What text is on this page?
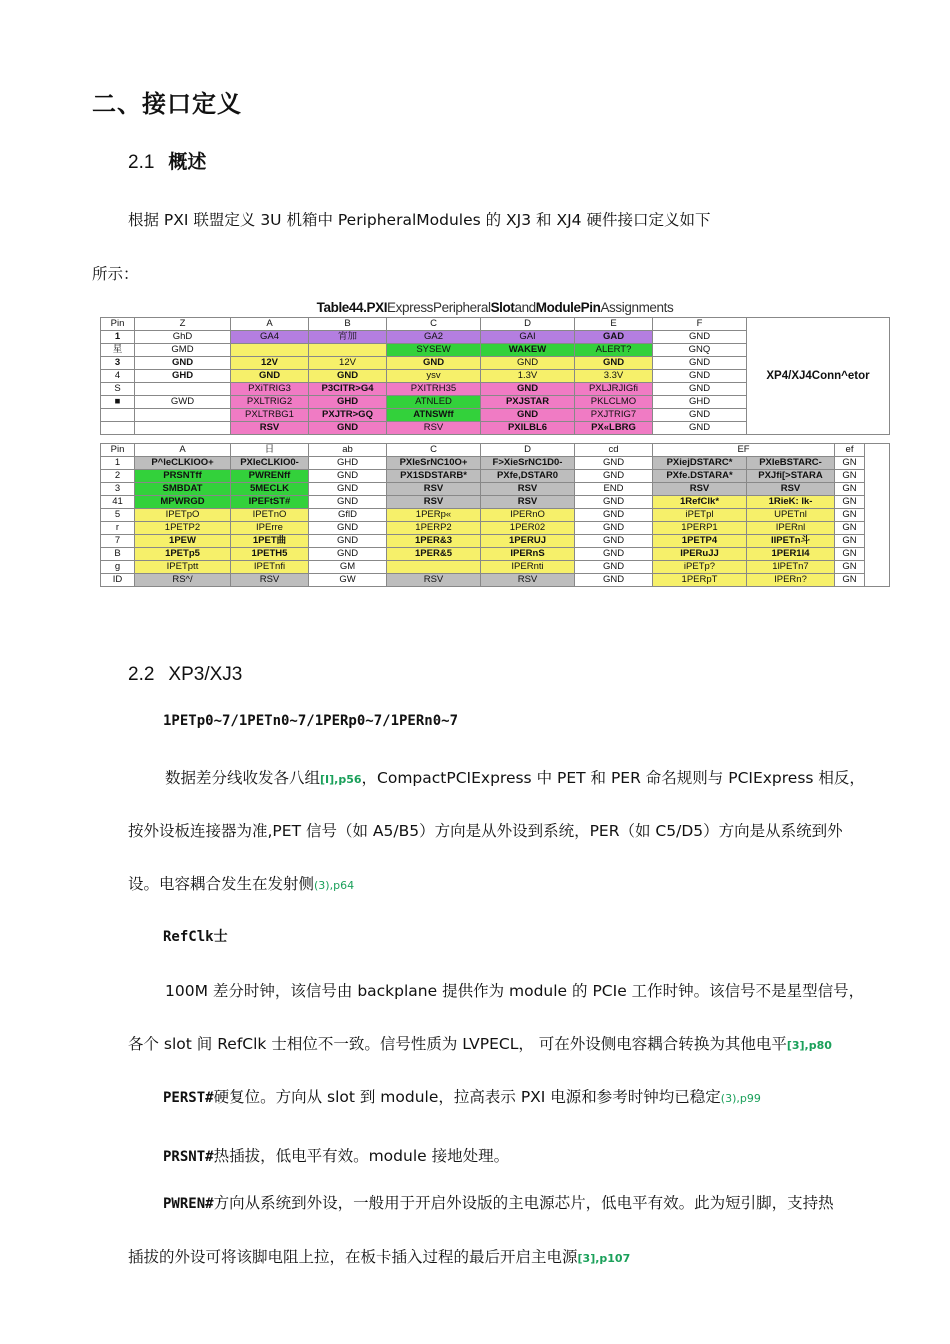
二、接口定义
2.1 概述
根据 PXI 联盟定义 3U 机箱中 PeripheralModules 的 XJ3 和 XJ4 硬件接口定义如下
所示：
Table44.PXIExpressPeripheralSlotandModulePinAssignments
Pin	Z	A	B	C	D	E	F	XP4/XJ4Conn^etor
1	GhD	GA4	宵加	GA2	GAI	GAD	GND	
星	GMD			SYSEW	WAKEW	ALERT?	GNQ	
3	GND	12V	12V	GND	GND	GND	GND	
4	GHD	GND	GND	ysv	1.3V	3.3V	GND	
S		PXiTRIG3	P3CITR>G4	PXITRH35	GND	PXLJRJIGfi	GND	
■	GWD	PXLTRIG2	GHD	ATNLED	PXJSTAR	PKLCLMO	GHD	
		PXLTRBG1	PXJTR>GQ	ATNSWff	GND	PXJTRIG7	GND	
		RSV	GND	RSV	PXILBL6	PX«LBRG	GND	
Pin	A	日	ab	C	D	cd	EF		ef	
1	P^leCLKlOO+	PXIeCLKIO0-	GHD	PXIeSrNC10O+	F>XieSrNC1D0-	GND	PXiejDSTARC*	PXIeBSTARC-	GN	
2	PRSNTff	PWRENff	GND	PX1SDSTARB*	PXfe,DSTAR0	GND	PXfe.DSTARA*	PXJfi[>STARA	GN	
3	SMBDAT	5MECLK	GND	RSV	RSV	END	RSV	RSV	GN	
41	MPWRGD	IPEFtST#	GND	RSV	RSV	GND	1RefClk*	1RieK: lk-	GN	
5	IPETpO	IPETnO	GflD	1PERp«	IPERnO	GND	iPETpl	UPETnl	GN	
r	1PETP2	IPErre	GND	1PERP2	1PER02	GND	1PERP1	IPERnl	GN	
7	1PEW	1PET曲	GND	1PER&3	1PERUJ	GND	1PETP4	IIPETn斗	GN	
B	1PETp5	1PETH5	GND	1PER&5	IPERnS	GND	IPERuJJ	1PER1I4	GN	
g	IPETptt	IPETnfi	GM		IPERnti	GND	iPETp?	1lPETn7	GN	
ID	RS^/	RSV	GW	RSV	RSV	GND	1PERpT	IPERn?	GN	
2.2 XP3/XJ3
1PETp0~7/1PETn0~7/1PERp0~7/1PERn0~7
数据差分线收发各八组[I],p56，CompactPCIExpress 中 PET 和 PER 命名规则与 PCIExpress 相反，
按外设板连接器为准,PET 信号（如 A5/B5）方向是从外设到系统，PER（如 C5/D5）方向是从系统到外
设。电容耦合发生在发射侧(3),p64
RefClk士
100M 差分时钟，该信号由 backplane 提供作为 module 的 PCIe 工作时钟。该信号不是星型信号，
各个 slot 间 RefClk 士相位不一致。信号性质为 LVPECL， 可在外设侧电容耦合转换为其他电平[3],p80
PERST#硬复位。方向从 slot 到 module，拉高表示 PXI 电源和参考时钟均已稳定(3),p99
PRSNT#热插拔，低电平有效。module 接地处理。
PWREN#方向从系统到外设，一般用于开启外设版的主电源芯片，低电平有效。此为短引脚，支持热
插拔的外设可将该脚电阻上拉，在板卡插入过程的最后开启主电源[3],p107
